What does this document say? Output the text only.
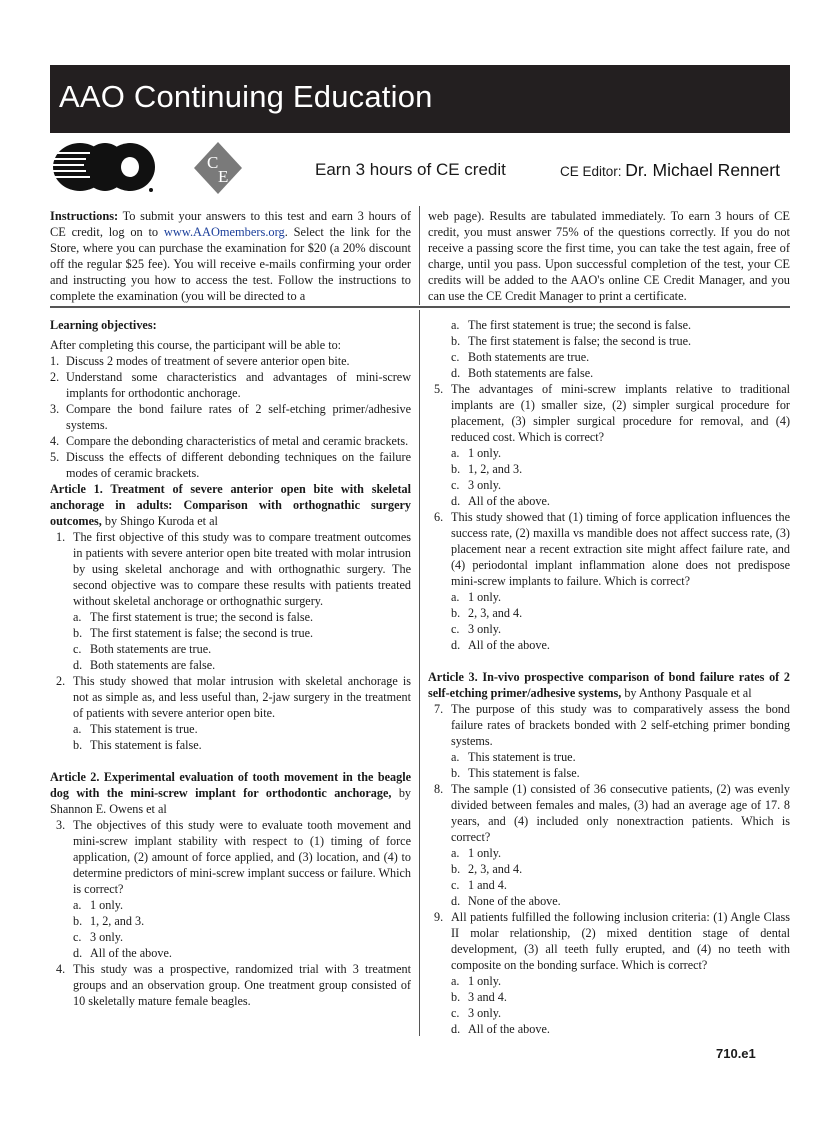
AAO Continuing Education
C
E	Earn 3 hours of CE credit	CE Editor: Dr. Michael Rennert
Instructions: To submit your answers to this test and earn 3 hours of CE credit, log on to www.AAOmembers.org. Select the link for the Store, where you can purchase the examination for $20 (a 20% discount off the regular $25 fee). You will receive e-mails confirming your order and instructing you how to access the test. Follow the instructions to complete the examination (you will be directed to a
web page). Results are tabulated immediately. To earn 3 hours of CE credit, you must answer 75% of the questions correctly. If you do not receive a passing score the first time, you can take the test again, free of charge, until you pass. Upon successful completion of the test, your CE credits will be added to the AAO's online CE Credit Manager, and you can use the CE Credit Manager to print a certificate.
Learning objectives:
After completing this course, the participant will be able to:
1. Discuss 2 modes of treatment of severe anterior open bite.
2. Understand some characteristics and advantages of mini-screw implants for orthodontic anchorage.
3. Compare the bond failure rates of 2 self-etching primer/adhesive systems.
4. Compare the debonding characteristics of metal and ceramic brackets.
5. Discuss the effects of different debonding techniques on the failure modes of ceramic brackets.
Article 1. Treatment of severe anterior open bite with skeletal anchorage in adults: Comparison with orthognathic surgery outcomes, by Shingo Kuroda et al
1. The first objective of this study was to compare treatment outcomes in patients with severe anterior open bite treated with molar intrusion by using skeletal anchorage and with orthognathic surgery. The second objective was to compare these results with patients treated without skeletal anchorage or orthognathic surgery.
a. The first statement is true; the second is false.
b. The first statement is false; the second is true.
c. Both statements are true.
d. Both statements are false.
2. This study showed that molar intrusion with skeletal anchorage is not as simple as, and less useful than, 2-jaw surgery in the treatment of patients with severe anterior open bite.
a. This statement is true.
b. This statement is false.
Article 2. Experimental evaluation of tooth movement in the beagle dog with the mini-screw implant for orthodontic anchorage, by Shannon E. Owens et al
3. The objectives of this study were to evaluate tooth movement and mini-screw implant stability with respect to (1) timing of force application, (2) amount of force applied, and (3) location, and (4) to determine predictors of mini-screw implant success or failure. Which is correct?
a. 1 only.
b. 1, 2, and 3.
c. 3 only.
d. All of the above.
4. This study was a prospective, randomized trial with 3 treatment groups and an observation group. One treatment group consisted of 10 skeletally mature female beagles.
a. The first statement is true; the second is false.
b. The first statement is false; the second is true.
c. Both statements are true.
d. Both statements are false.
5. The advantages of mini-screw implants relative to traditional implants are (1) smaller size, (2) simpler surgical procedure for placement, (3) simpler surgical procedure for removal, and (4) reduced cost. Which is correct?
a. 1 only.
b. 1, 2, and 3.
c. 3 only.
d. All of the above.
6. This study showed that (1) timing of force application influences the success rate, (2) maxilla vs mandible does not affect success rate, (3) placement near a recent extraction site might affect failure rate, and (4) periodontal implant inflammation alone does not predispose mini-screw implants to failure. Which is correct?
a. 1 only.
b. 2, 3, and 4.
c. 3 only.
d. All of the above.
Article 3. In-vivo prospective comparison of bond failure rates of 2 self-etching primer/adhesive systems, by Anthony Pasquale et al
7. The purpose of this study was to comparatively assess the bond failure rates of brackets bonded with 2 self-etching primer bonding systems.
a. This statement is true.
b. This statement is false.
8. The sample (1) consisted of 36 consecutive patients, (2) was evenly divided between females and males, (3) had an average age of 17. 8 years, and (4) included only nonextraction patients. Which is correct?
a. 1 only.
b. 2, 3, and 4.
c. 1 and 4.
d. None of the above.
9. All patients fulfilled the following inclusion criteria: (1) Angle Class II molar relationship, (2) mixed dentition stage of dental development, (3) all teeth fully erupted, and (4) no teeth with composite on the bonding surface. Which is correct?
a. 1 only.
b. 3 and 4.
c. 3 only.
d. All of the above.
710.e1
